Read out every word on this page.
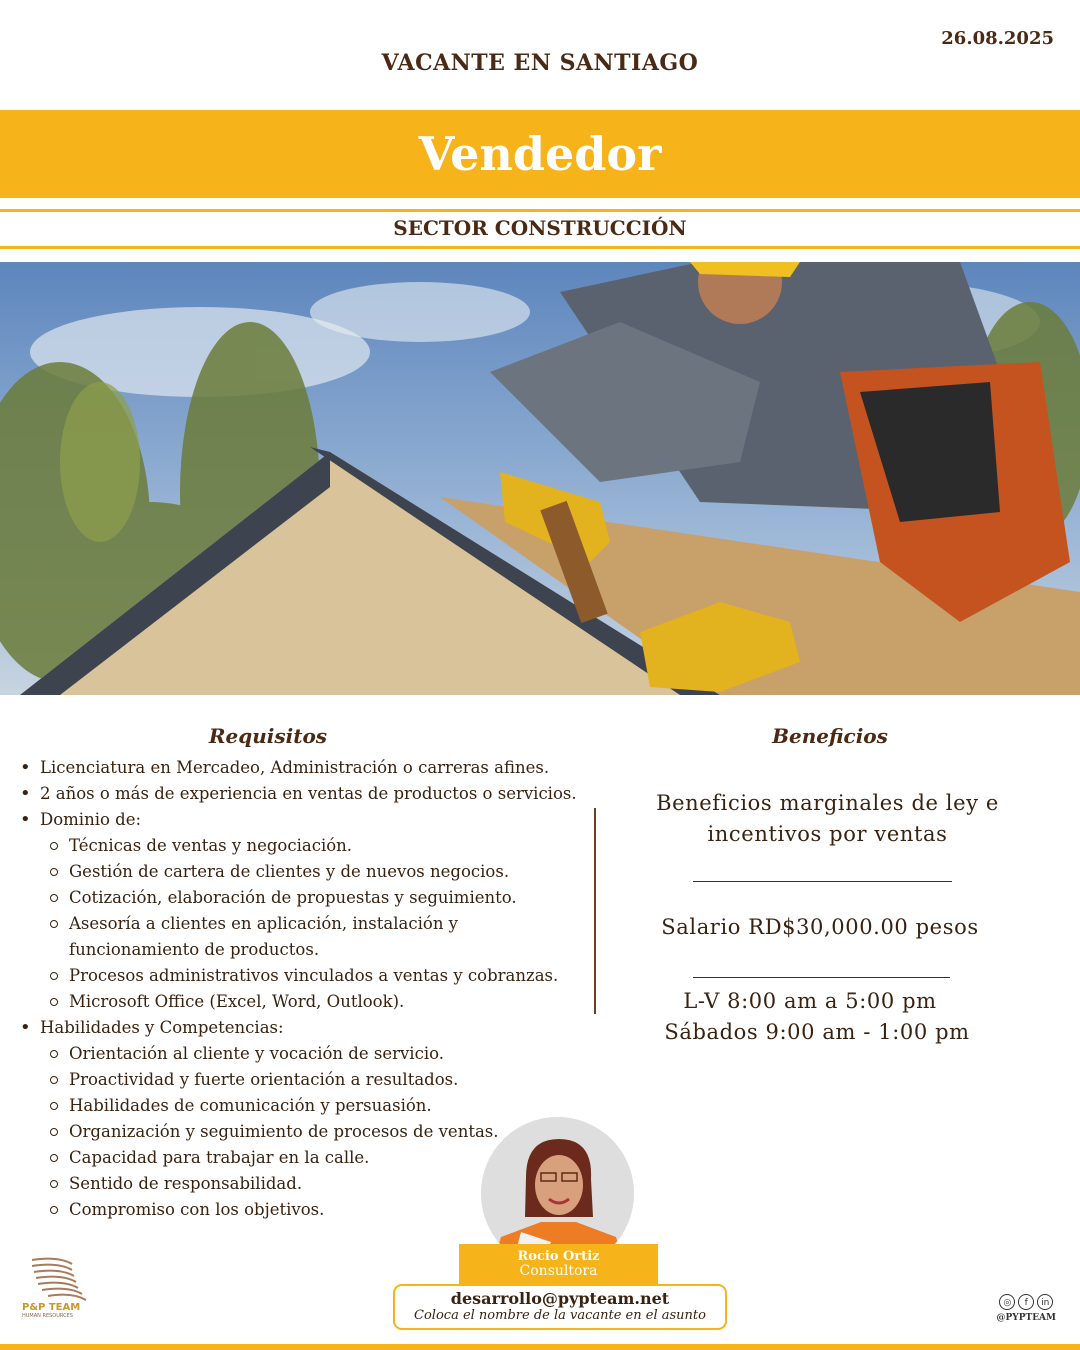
26.08.2025
VACANTE EN SANTIAGO
Vendedor
SECTOR CONSTRUCCIÓN
Requisitos
• Licenciatura en Mercadeo, Administración o carreras afines.
• 2 años o más de experiencia en ventas de productos o servicios.
• Dominio de:
Técnicas de ventas y negociación.
Gestión de cartera de clientes y de nuevos negocios.
Cotización, elaboración de propuestas y seguimiento.
Asesoría a clientes en aplicación, instalación y funcionamiento de productos.
Procesos administrativos vinculados a ventas y cobranzas.
Microsoft Office (Excel, Word, Outlook).
• Habilidades y Competencias:
Orientación al cliente y vocación de servicio.
Proactividad y fuerte orientación a resultados.
Habilidades de comunicación y persuasión.
Organización y seguimiento de procesos de ventas.
Capacidad para trabajar en la calle.
Sentido de responsabilidad.
Compromiso con los objetivos.
Beneficios
Beneficios marginales de ley e incentivos por ventas
Salario RD$30,000.00 pesos
L-V 8:00 am a 5:00 pm
Sábados 9:00 am - 1:00 pm
Rocio Ortiz
Consultora
desarrollo@pypteam.net
Coloca el nombre de la vacante en el asunto
P&P TEAM
HUMAN RESOURCES
◎	f	in
@PYPTEAM
